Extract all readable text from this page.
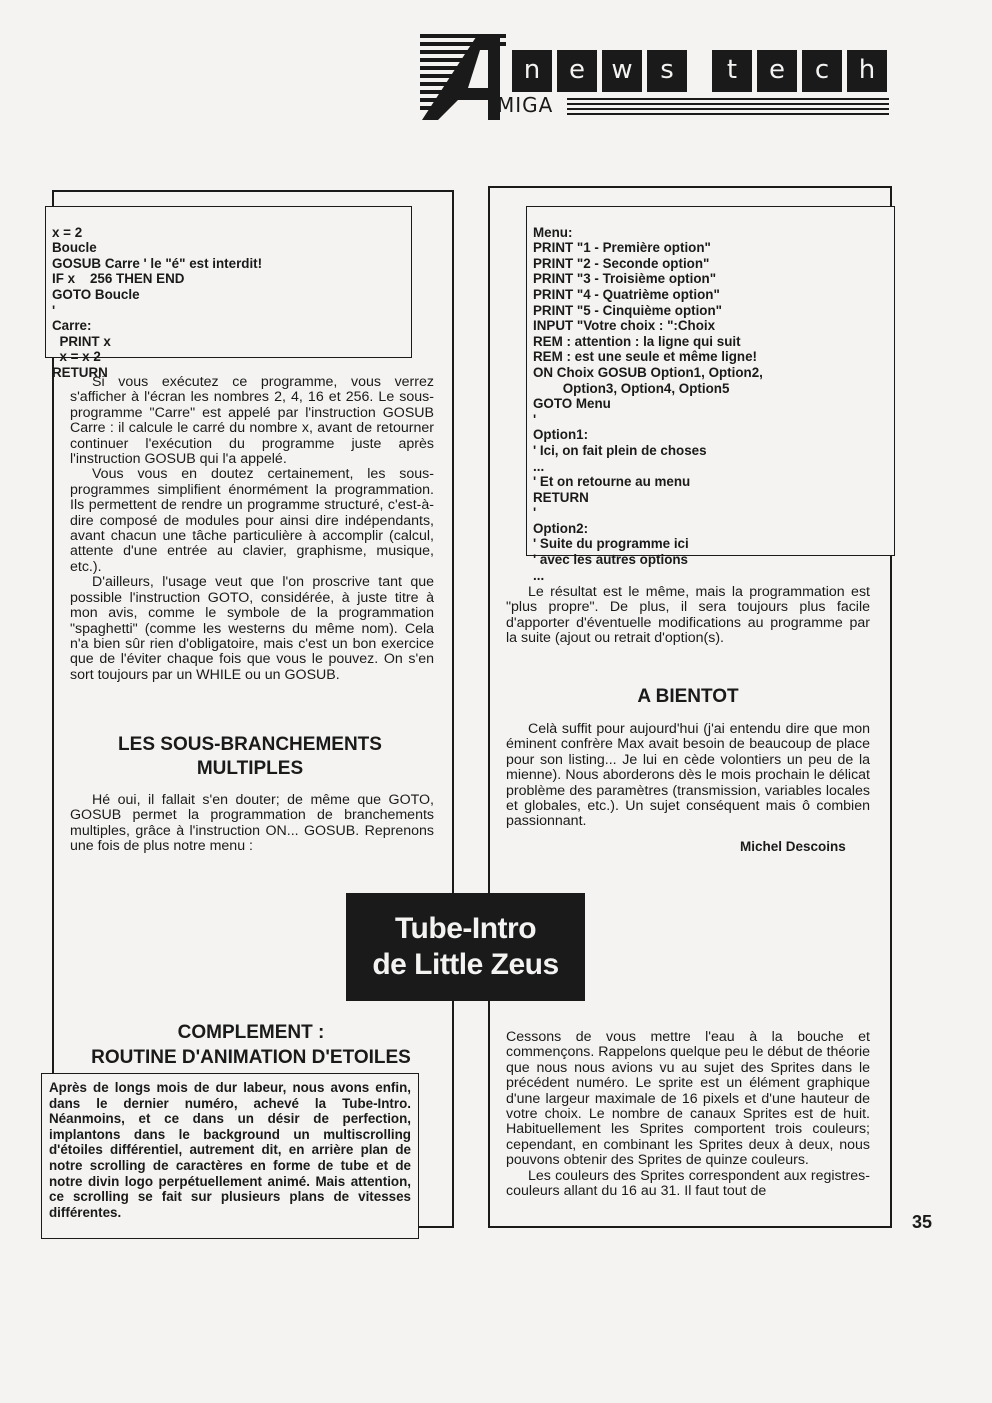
n	e	w	s	t	e	c	h
MIGA

x = 2
Boucle
GOSUB Carre ' le "é" est interdit!
IF x    256 THEN END
GOTO Boucle
'
Carre:
PRINT x
x = x 2
RETURN

Si vous exécutez ce programme, vous verrez s'afficher à l'écran les nombres 2, 4, 16 et 256. Le sous-programme "Carre" est appelé par l'instruction GOSUB Carre : il calcule le carré du nombre x, avant de retourner continuer l'exécution du programme juste après l'instruction GOSUB qui l'a appelé.

Vous vous en doutez certainement, les sous-programmes simplifient énormément la programmation. Ils permettent de rendre un programme structuré, c'est-à-dire composé de modules pour ainsi dire indépendants, avant chacun une tâche particulière à accomplir (calcul, attente d'une entrée au clavier, graphisme, musique, etc.).

D'ailleurs, l'usage veut que l'on proscrive tant que possible l'instruction GOTO, considérée, à juste titre à mon avis, comme le symbole de la programmation "spaghetti" (comme les westerns du même nom). Cela n'a bien sûr rien d'obligatoire, mais c'est un bon exercice que de l'éviter chaque fois que vous le pouvez. On s'en sort toujours par un WHILE ou un GOSUB.

LES SOUS-BRANCHEMENTS MULTIPLES

Hé oui, il fallait s'en douter; de même que GOTO, GOSUB permet la programmation de branchements multiples, grâce à l'instruction ON... GOSUB. Reprenons une fois de plus notre menu :

Menu:
PRINT "1 - Première option"
PRINT "2 - Seconde option"
PRINT "3 - Troisième option"
PRINT "4 - Quatrième option"
PRINT "5 - Cinquième option"
INPUT "Votre choix : ":Choix
REM : attention : la ligne qui suit
REM : est une seule et même ligne!
ON Choix GOSUB Option1, Option2,
Option3, Option4, Option5
GOTO Menu
'
Option1:
' Ici, on fait plein de choses
...
' Et on retourne au menu
RETURN
'
Option2:
' Suite du programme ici
' avec les autres options
...

Le résultat est le même, mais la programmation est "plus propre". De plus, il sera toujours plus facile d'apporter d'éventuelle modifications au programme par la suite (ajout ou retrait d'option(s).

A BIENTOT

Celà suffit pour aujourd'hui (j'ai entendu dire que mon éminent confrère Max avait besoin de beaucoup de place pour son listing... Je lui en cède volontiers un peu de la mienne). Nous aborderons dès le mois prochain le délicat problème des paramètres (transmission, variables locales et globales, etc.). Un sujet conséquent mais ô combien passionnant.

Michel Descoins
Tube-Intro
de Little Zeus
COMPLEMENT :
ROUTINE D'ANIMATION D'ETOILES
Après de longs mois de dur labeur, nous avons enfin, dans le dernier numéro, achevé la Tube-Intro. Néanmoins, et ce dans un désir de perfection, implantons dans le background un multiscrolling d'étoiles différentiel, autrement dit, en arrière plan de notre scrolling de caractères en forme de tube et de notre divin logo perpétuellement animé. Mais attention, ce scrolling se fait sur plusieurs plans de vitesses différentes.

Cessons de vous mettre l'eau à la bouche et commençons. Rappelons quelque peu le début de théorie que nous nous avions vu au sujet des Sprites dans le précédent numéro. Le sprite est un élément graphique d'une largeur maximale de 16 pixels et d'une hauteur de votre choix. Le nombre de canaux Sprites est de huit. Habituellement les Sprites comportent trois couleurs; cependant, en combinant les Sprites deux à deux, nous pouvons obtenir des Sprites de quinze couleurs.

Les couleurs des Sprites correspondent aux registres-couleurs allant du 16 au 31. Il faut tout de

35
